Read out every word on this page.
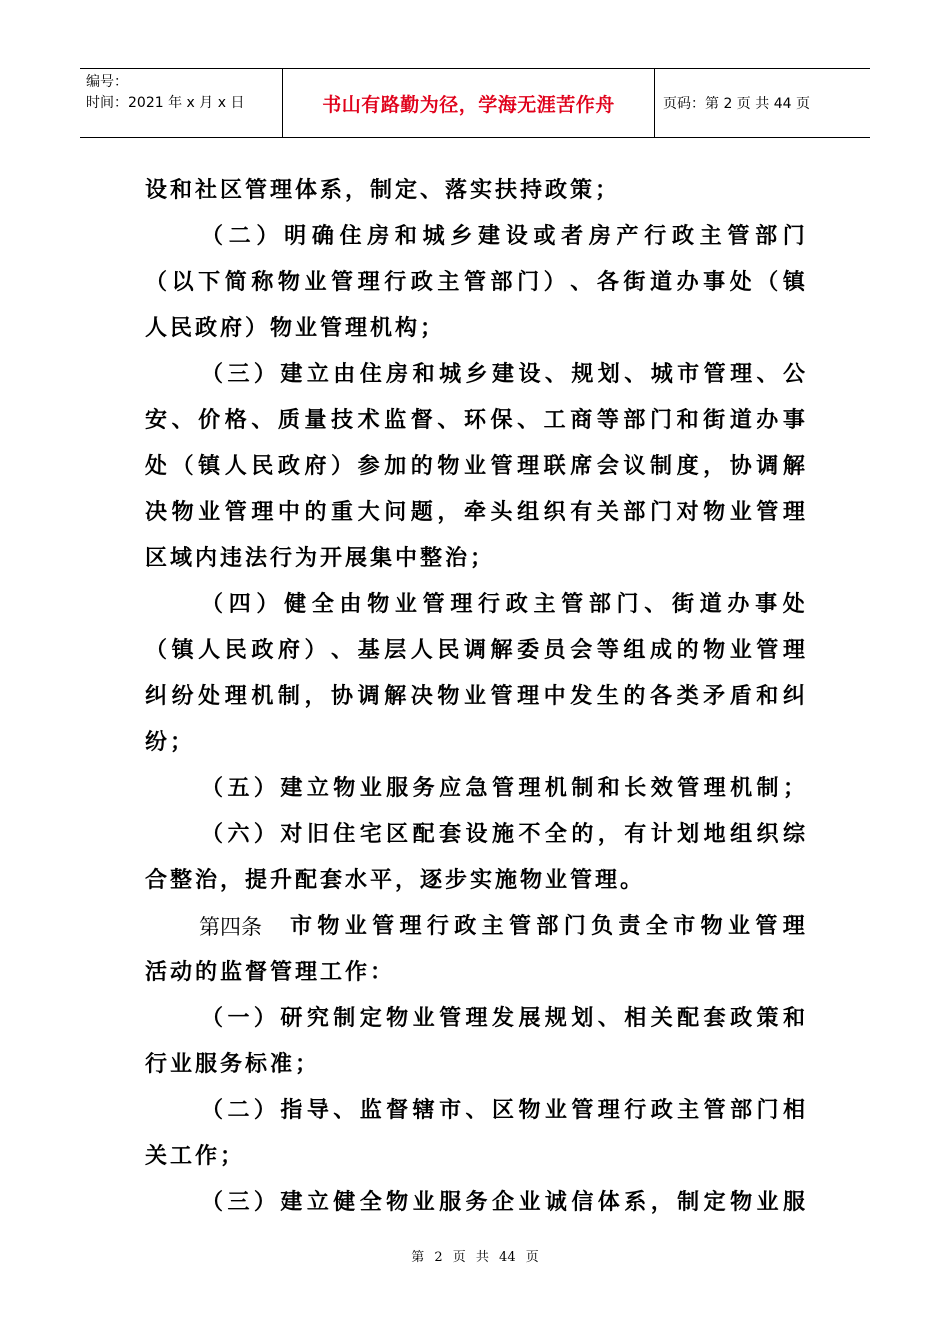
编号：
时间：2021 年 x 月 x 日	书山有路勤为径，学海无涯苦作舟	页码：第 2 页 共 44 页
设和社区管理体系，制定、落实扶持政策；
（ 二 ） 明 确 住 房 和 城 乡 建 设 或 者 房 产 行 政 主 管 部 门
（ 以 下 简 称 物 业 管 理 行 政 主 管 部 门 ） 、 各 街 道 办 事 处 （ 镇
人民政府）物业管理机构；
（ 三 ） 建 立 由 住 房 和 城 乡 建 设 、 规 划 、 城 市 管 理 、 公
安 、 价 格 、 质 量 技 术 监 督 、 环 保 、 工 商 等 部 门 和 街 道 办 事
处 （ 镇 人 民 政 府 ） 参 加 的 物 业 管 理 联 席 会 议 制 度 ， 协 调 解
决 物 业 管 理 中 的 重 大 问 题 ， 牵 头 组 织 有 关 部 门 对 物 业 管 理
区域内违法行为开展集中整治；
（ 四 ） 健 全 由 物 业 管 理 行 政 主 管 部 门 、 街 道 办 事 处
（ 镇 人 民 政 府 ） 、 基 层 人 民 调 解 委 员 会 等 组 成 的 物 业 管 理
纠 纷 处 理 机 制 ， 协 调 解 决 物 业 管 理 中 发 生 的 各 类 矛 盾 和 纠
纷；
（ 五 ） 建 立 物 业 服 务 应 急 管 理 机 制 和 长 效 管 理 机 制 ；
（ 六 ） 对 旧 住 宅 区 配 套 设 施 不 全 的 ， 有 计 划 地 组 织 综
合整治，提升配套水平，逐步实施物业管理。
第四条 市 物 业 管 理 行 政 主 管 部 门 负 责 全 市 物 业 管 理
活动的监督管理工作：
（ 一 ） 研 究 制 定 物 业 管 理 发 展 规 划 、 相 关 配 套 政 策 和
行业服务标准；
（ 二 ） 指 导 、 监 督 辖 市 、 区 物 业 管 理 行 政 主 管 部 门 相
关工作；
（ 三 ） 建 立 健 全 物 业 服 务 企 业 诚 信 体 系 ， 制 定 物 业 服
第 2 页 共 44 页
